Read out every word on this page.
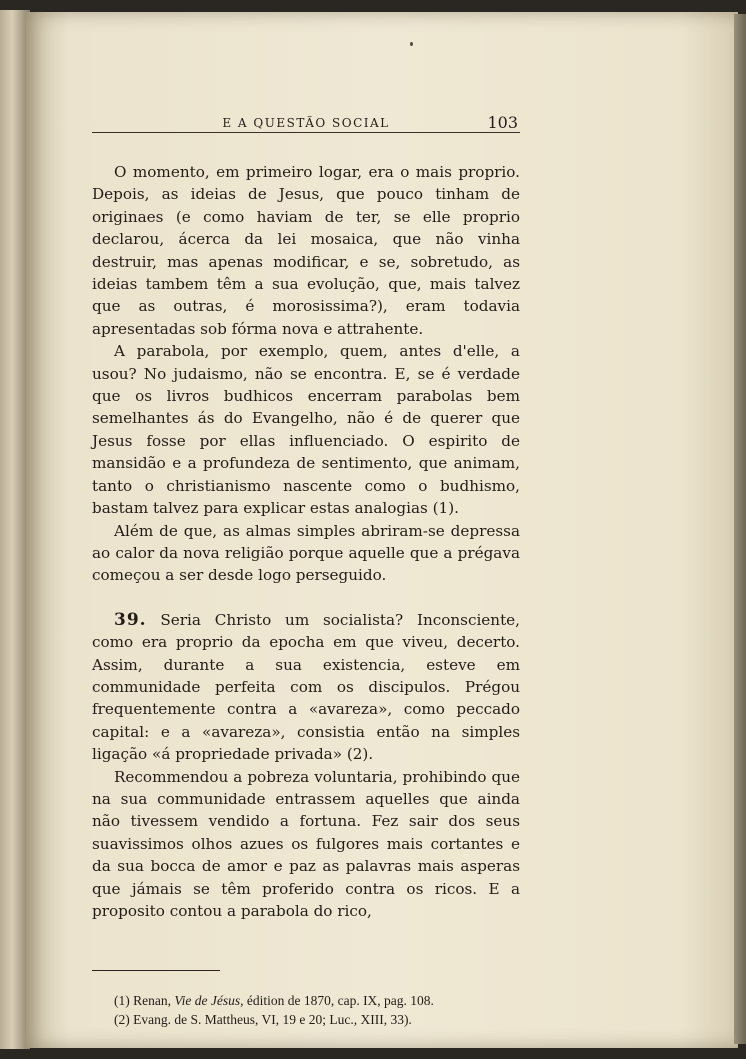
E A QUESTÃO SOCIAL	103

O momento, em primeiro logar, era o mais proprio. Depois, as ideias de Jesus, que pouco tinham de originaes (e como haviam de ter, se elle proprio declarou, ácerca da lei mosaica, que não vinha destruir, mas apenas modificar, e se, sobretudo, as ideias tambem têm a sua evolução, que, mais talvez que as outras, é morosissima?), eram todavia apresentadas sob fórma nova e attrahente.

A parabola, por exemplo, quem, antes d'elle, a usou? No judaismo, não se encontra. E, se é verdade que os livros budhicos encerram parabolas bem semelhantes ás do Evangelho, não é de querer que Jesus fosse por ellas influenciado. O espirito de mansidão e a profundeza de sentimento, que animam, tanto o christianismo nascente como o budhismo, bastam talvez para explicar estas analogias (1).

Além de que, as almas simples abriram-se depressa ao calor da nova religião porque aquelle que a prégava começou a ser desde logo perseguido.

39. Seria Christo um socialista? Inconsciente, como era proprio da epocha em que viveu, decerto. Assim, durante a sua existencia, esteve em communidade perfeita com os discipulos. Prégou frequentemente contra a «avareza», como peccado capital: e a «avareza», consistia então na simples ligação «á propriedade privada» (2).

Recommendou a pobreza voluntaria, prohibindo que na sua communidade entrassem aquelles que ainda não tivessem vendido a fortuna. Fez sair dos seus suavissimos olhos azues os fulgores mais cortantes e da sua bocca de amor e paz as palavras mais asperas que jámais se têm proferido contra os ricos. E a proposito contou a parabola do rico,

(1) Renan, Vie de Jésus, édition de 1870, cap. IX, pag. 108.

(2) Evang. de S. Mattheus, VI, 19 e 20; Luc., XIII, 33).
